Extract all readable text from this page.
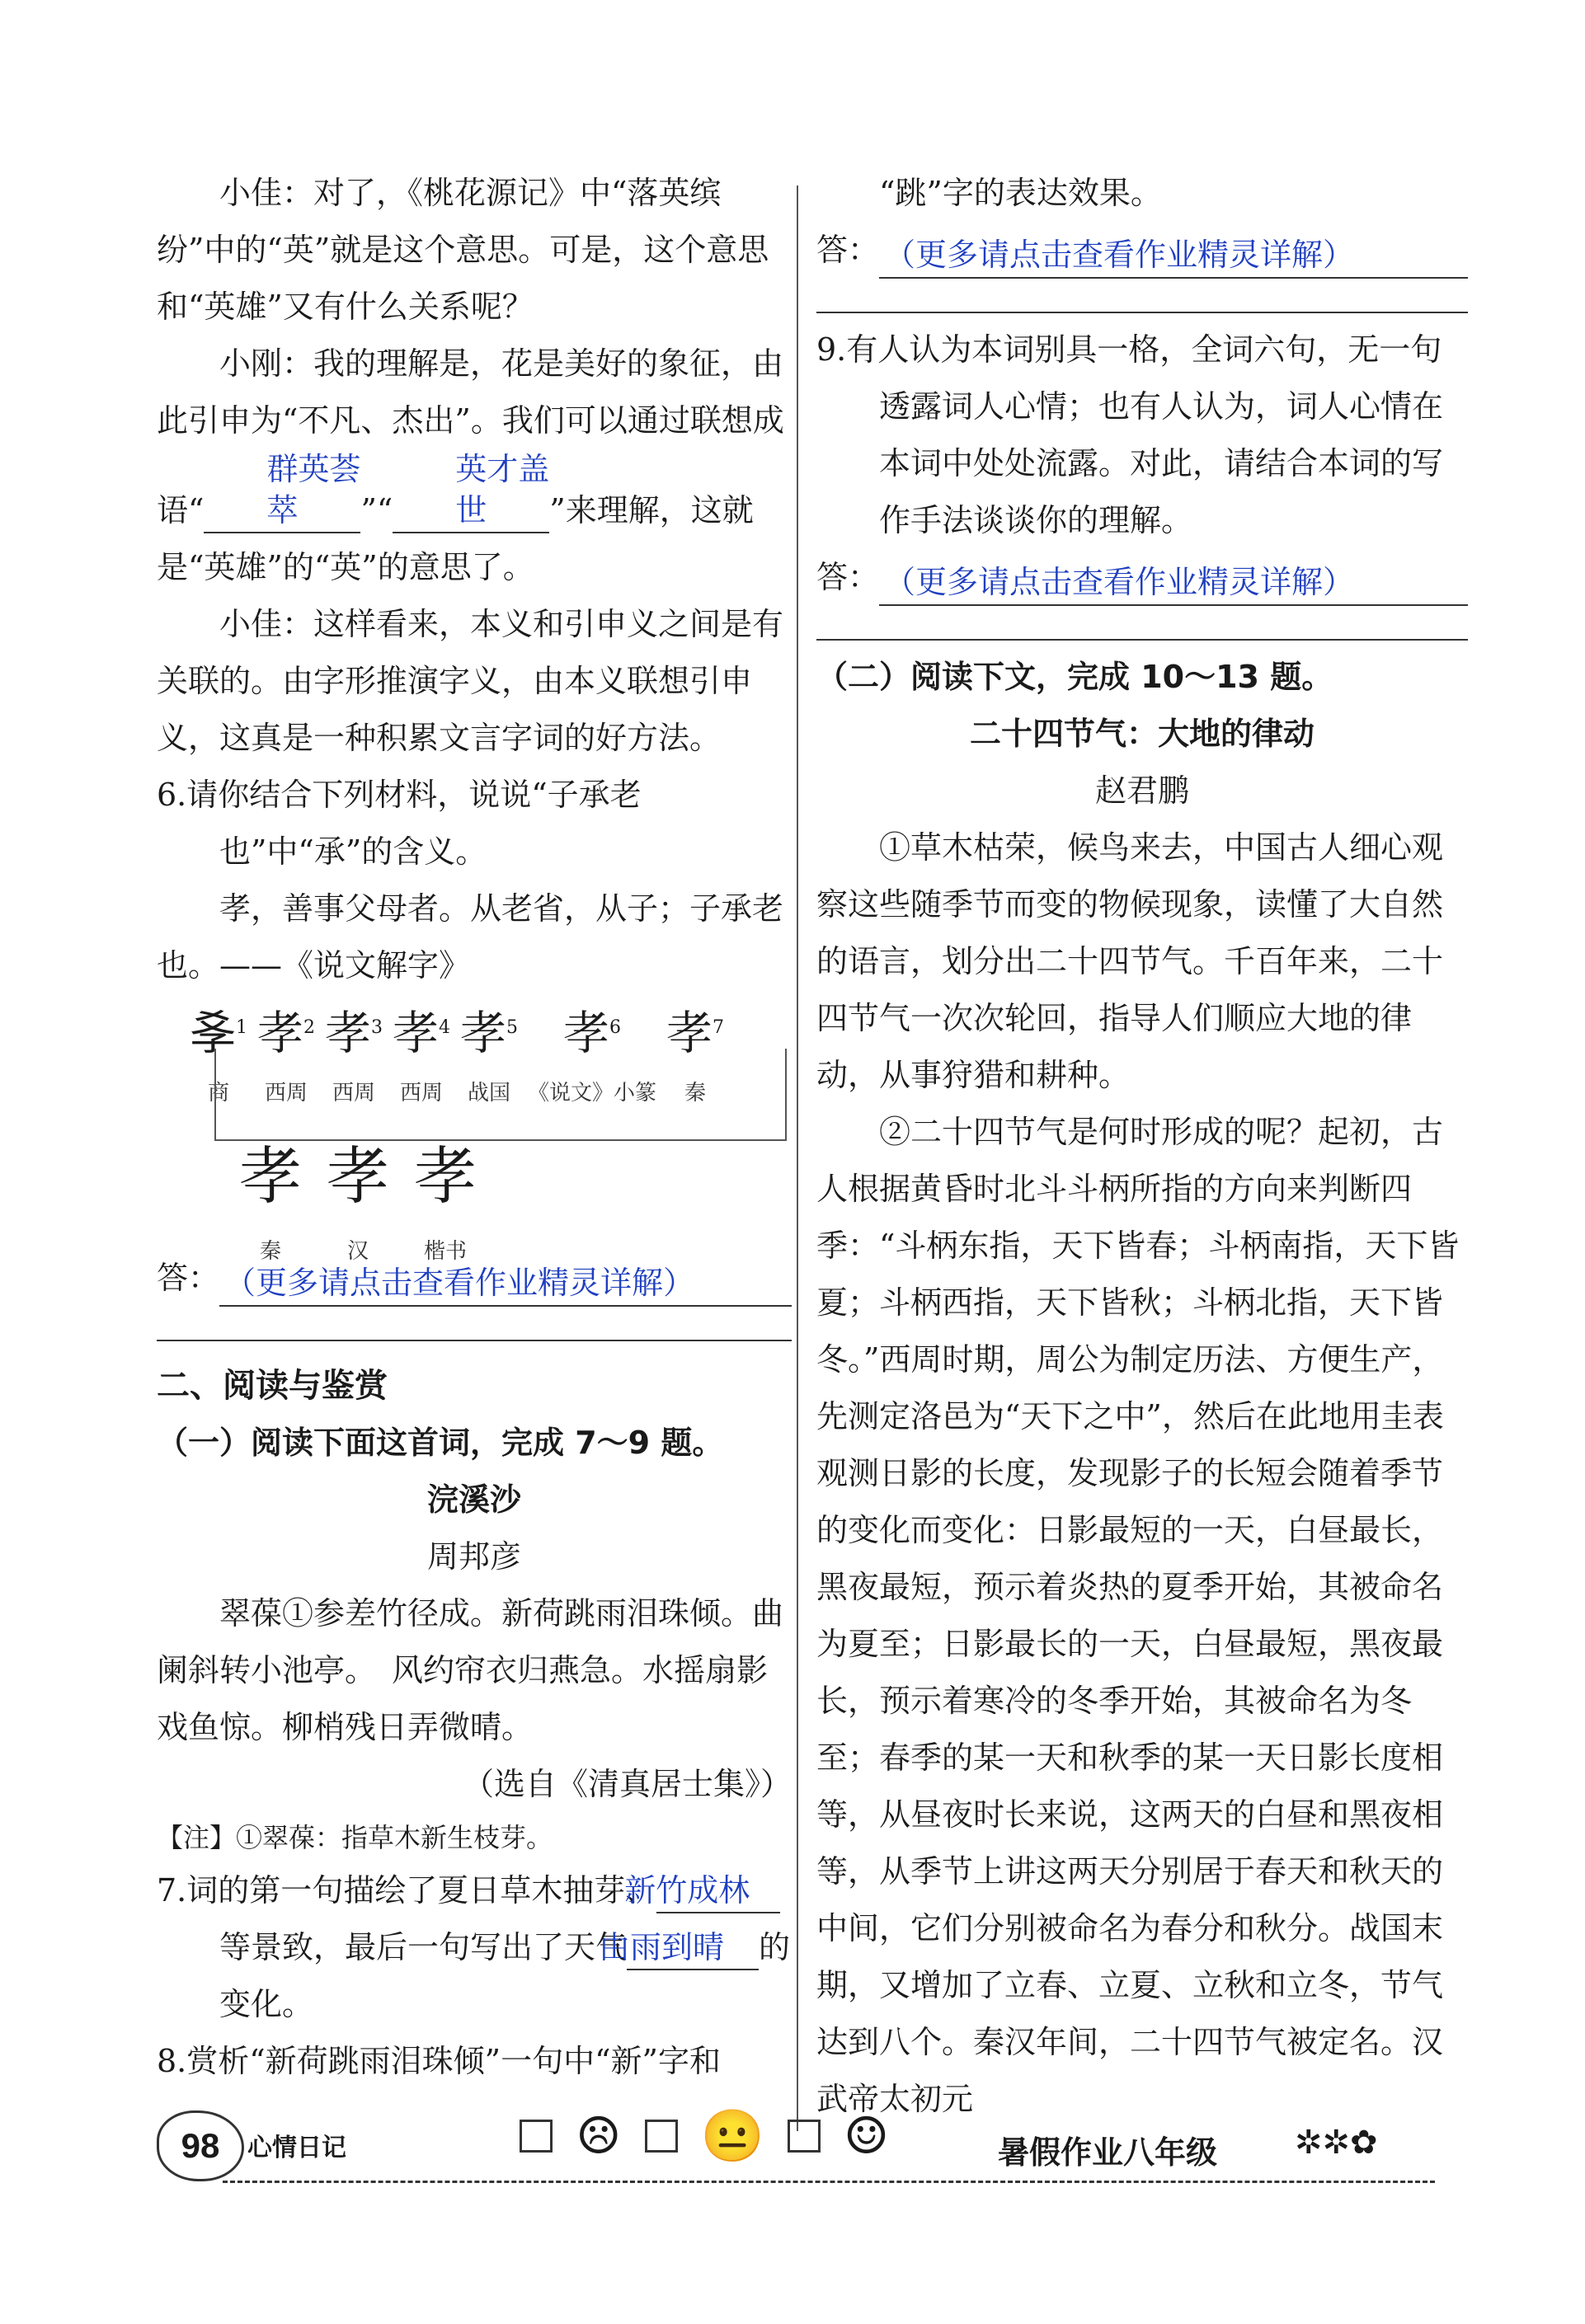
小佳：对了，《桃花源记》中“落英缤纷”中的“英”就是这个意思。可是，这个意思和“英雄”又有什么关系呢？

小刚：我的理解是，花是美好的象征，由此引申为“不凡、杰出”。我们可以通过联想成语“群英荟萃 ”“英才盖世 ”来理解，这就是“英雄”的“英”的意思了。

小佳：这样看来，本义和引申义之间是有关联的。由字形推演字义，由本义联想引申义，这真是一种积累文言字词的好方法。

6.请你结合下列材料，说说“子承老也”中“承”的含义。

孝，善事父母者。从老省，从子；子承老也。——《说文解字》

𡥈$^1$
商
孝$^2$
西周
孝$^3$
西周
孝$^4$
西周
孝$^5$
战国
孝$^6$
《说文》小篆
孝$^7$
秦
孝
秦
孝
汉
孝
楷书
答： （更多请点击查看作业精灵详解）

二、阅读与鉴赏

（一）阅读下面这首词，完成 7～9 题。

浣溪沙

周邦彦

翠葆①参差竹径成。新荷跳雨泪珠倾。曲阑斜转小池亭。　风约帘衣归燕急。水摇扇影戏鱼惊。柳梢残日弄微晴。

（选自《清真居士集》）

【注】①翠葆：指草木新生枝芽。

7.词的第一句描绘了夏日草木抽芽、新竹成林等景致，最后一句写出了天气由雨到晴 的变化。

8.赏析“新荷跳雨泪珠倾”一句中“新”字和

“跳”字的表达效果。

答： （更多请点击查看作业精灵详解）

9.有人认为本词别具一格，全词六句，无一句透露词人心情；也有人认为，词人心情在本词中处处流露。对此，请结合本词的写作手法谈谈你的理解。

答： （更多请点击查看作业精灵详解）

（二）阅读下文，完成 10～13 题。

二十四节气：大地的律动

赵君鹏

①草木枯荣，候鸟来去，中国古人细心观察这些随季节而变的物候现象，读懂了大自然的语言，划分出二十四节气。千百年来，二十四节气一次次轮回，指导人们顺应大地的律动，从事狩猎和耕种。

②二十四节气是何时形成的呢？起初，古人根据黄昏时北斗斗柄所指的方向来判断四季：“斗柄东指，天下皆春；斗柄南指，天下皆夏；斗柄西指，天下皆秋；斗柄北指，天下皆冬。”西周时期，周公为制定历法、方便生产，先测定洛邑为“天下之中”，然后在此地用圭表观测日影的长度，发现影子的长短会随着季节的变化而变化：日影最短的一天，白昼最长，黑夜最短，预示着炎热的夏季开始，其被命名为夏至；日影最长的一天，白昼最短，黑夜最长，预示着寒冷的冬季开始，其被命名为冬至；春季的某一天和秋季的某一天日影长度相等，从昼夜时长来说，这两天的白昼和黑夜相等，从季节上讲这两天分别居于春天和秋天的中间，它们分别被命名为春分和秋分。战国末期，又增加了立春、立夏、立秋和立冬，节气达到八个。秦汉年间，二十四节气被定名。汉武帝太初元

98	心情日记	☹ 😐 ☺	暑假作业八年级 ✲✲✿
